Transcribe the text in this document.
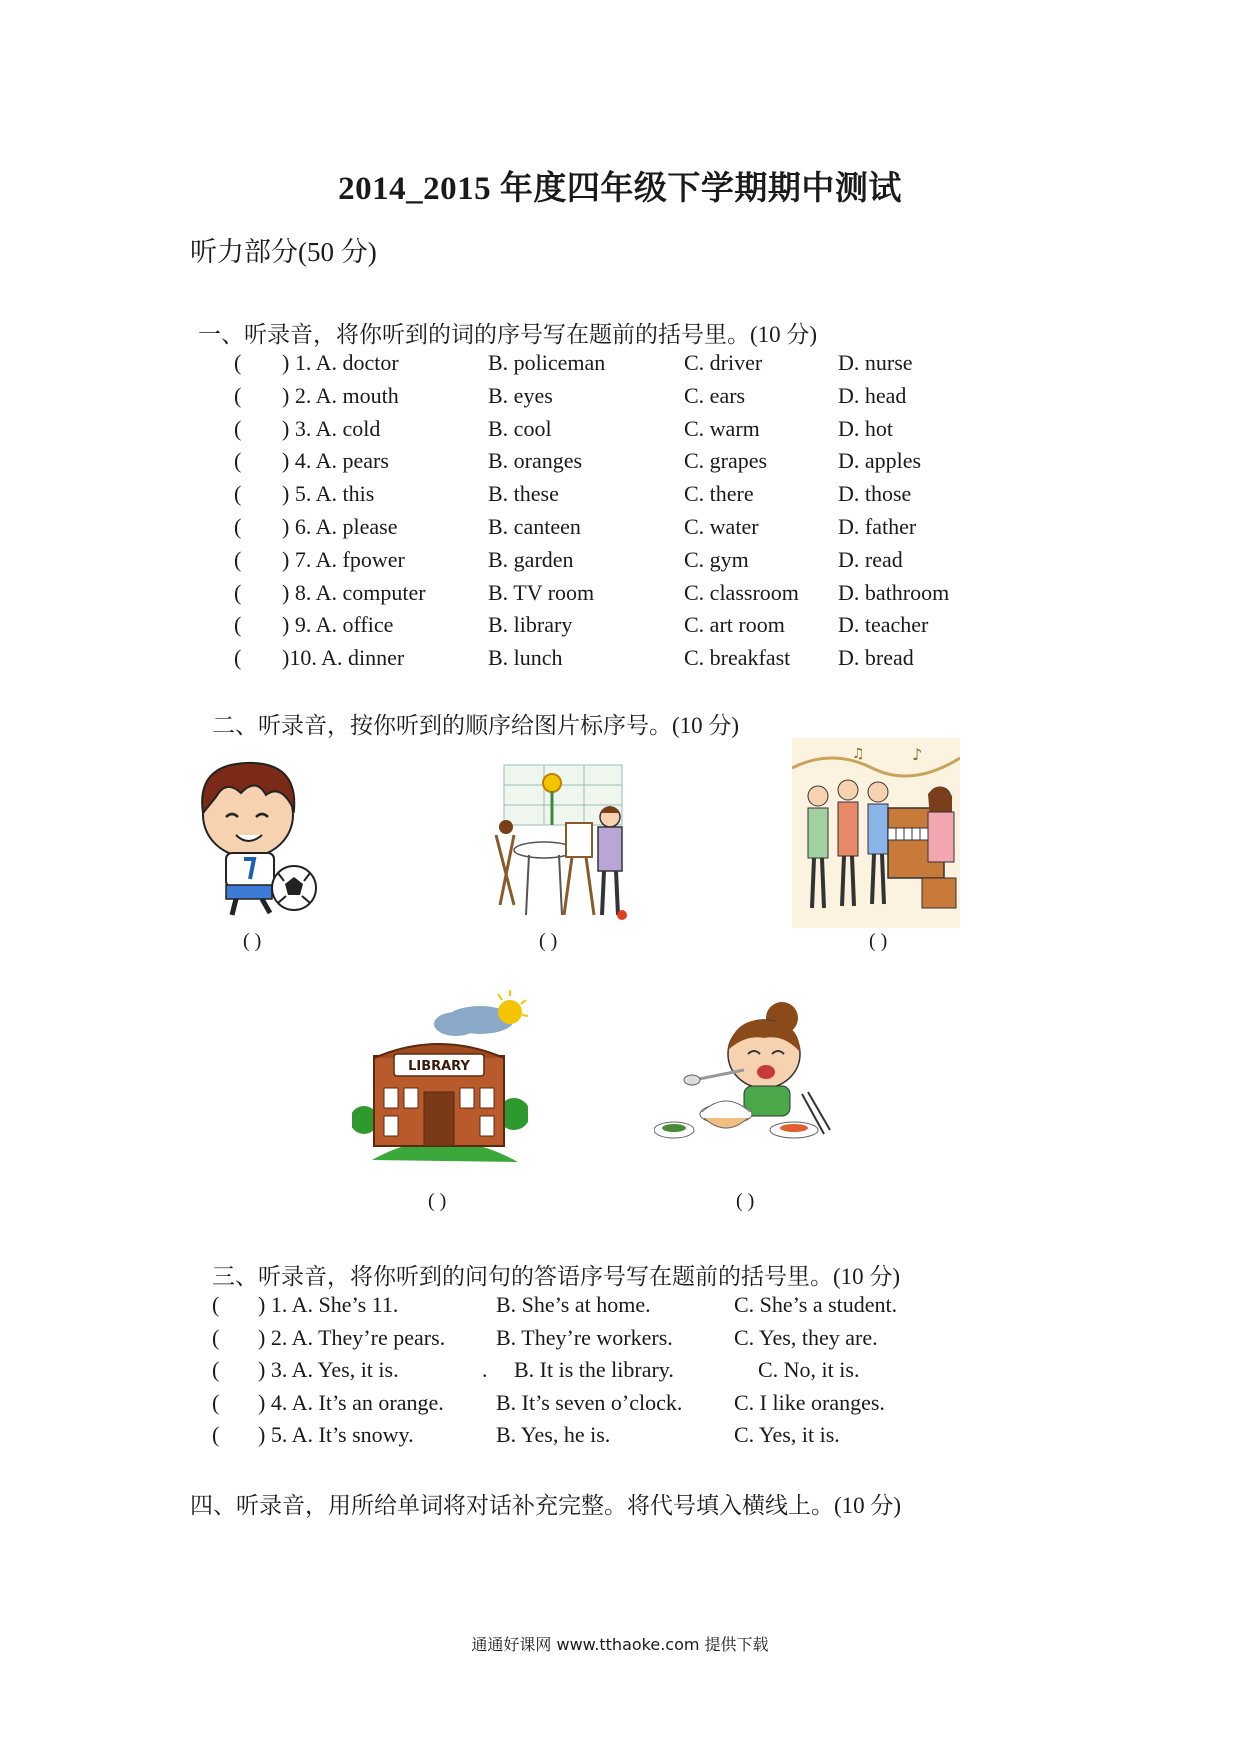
2014_2015 年度四年级下学期期中测试
听力部分(50 分)
一、听录音，将你听到的词的序号写在题前的括号里。(10 分)
( ) 1. A. doctor	B. policeman	C. driver	D. nurse
( ) 2. A. mouth	B. eyes	C. ears	D. head
( ) 3. A. cold	B. cool	C. warm	D. hot
( ) 4. A. pears	B. oranges	C. grapes	D. apples
( ) 5. A. this	B. these	C. there	D. those
( ) 6. A. please	B. canteen	C. water	D. father
( ) 7. A. fpower	B. garden	C. gym	D. read
( ) 8. A. computer	B. TV room	C. classroom D. bathroom
( ) 9. A. office	B. library	C. art room D. teacher
( )10. A. dinner	B. lunch	C. breakfast D. bread
二、听录音，按你听到的顺序给图片标序号。(10 分)
( )	( )
♪
♫
( )
LIBRARY
( )	( )
三、听录音，将你听到的问句的答语序号写在题前的括号里。(10 分)
( ) 1. A. She’s 11.	B. She’s at home.	C. She’s a student.
( ) 2. A. They’re pears. B. They’re workers.	C. Yes, they are.
( ) 3. A. Yes, it is.	. B. It is the library.	C. No, it is.
( ) 4. A. It’s an orange. B. It’s seven o’clock. C. I like oranges.
( ) 5. A. It’s snowy.	B. Yes, he is.	C. Yes, it is.
四、听录音，用所给单词将对话补充完整。将代号填入横线上。(10 分)
通通好课网 www.tthaoke.com 提供下载
